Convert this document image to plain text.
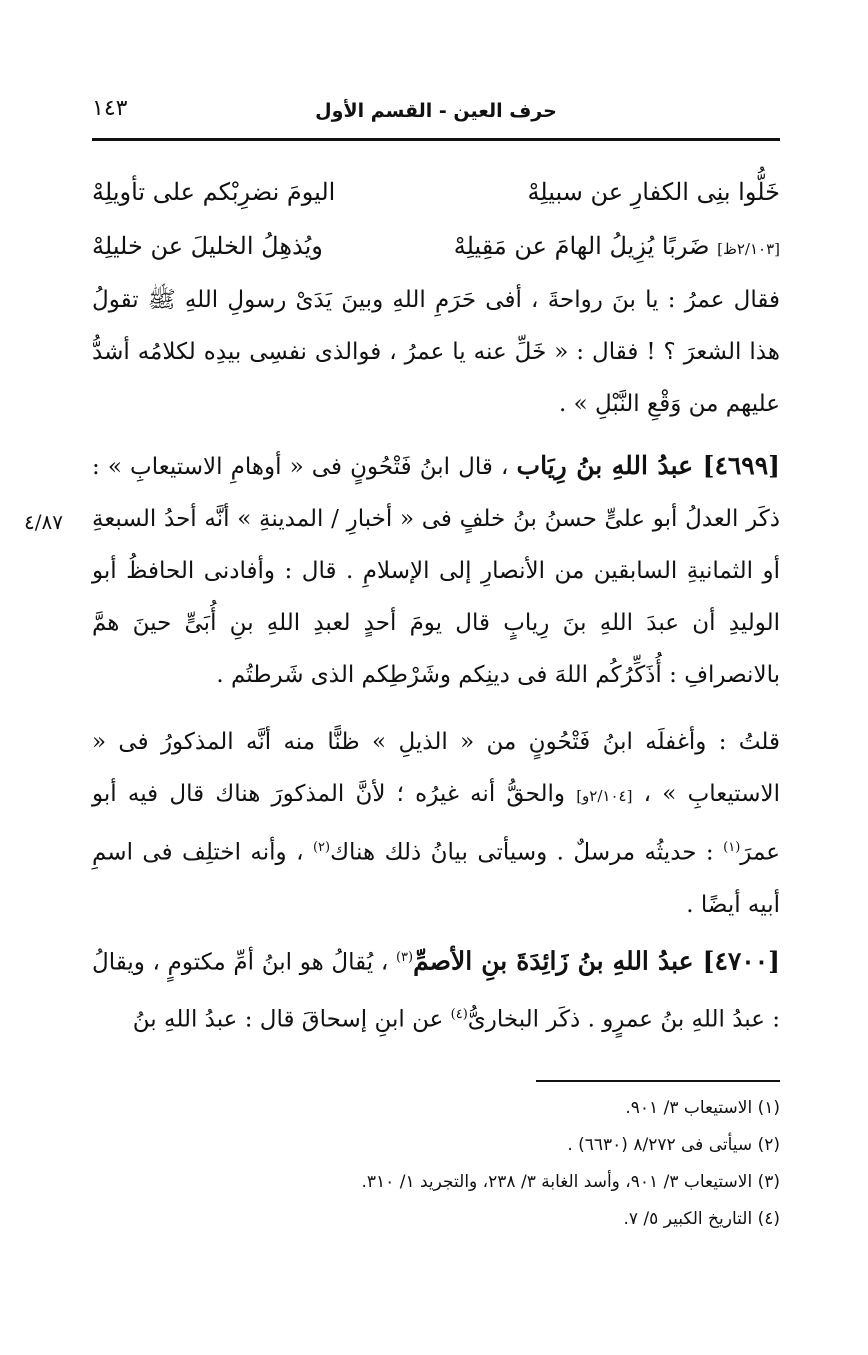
حرف العين - القسم الأول
١٤٣
خَلُّوا بنِى الكفارِ عن سبيلِهْ
اليومَ نضرِبْكم على تأويلِهْ
[٢/١٠٣ظ] ضَربًا يُزِيلُ الهامَ عن مَقِيلِهْ
ويُذهِلُ الخليلَ عن خليلِهْ
فقال عمرُ : يا بنَ رواحةَ ، أفى حَرَمِ اللهِ وبينَ يَدَىْ رسولِ اللهِ ﷺ تقولُ هذا الشعرَ ؟ ! فقال : « خَلِّ عنه يا عمرُ ، فوالذى نفسِى بيدِه لكلامُه أشدُّ عليهم من وَقْعِ النَّبْلِ » .
[٤٦٩٩] عبدُ اللهِ بنُ رِيَاب ، قال ابنُ فَتْحُونٍ فى « أوهامِ الاستيعابِ » : ذكَر العدلُ أبو علىٍّ حسنُ بنُ خلفٍ فى « أخبارِ / المدينةِ » أنَّه أحدُ السبعةِ أو الثمانيةِ السابقين من الأنصارِ إلى الإسلامِ . قال : وأفادنى الحافظُ أبو الوليدِ أن عبدَ اللهِ بنَ رِيابٍ قال يومَ أحدٍ لعبدِ اللهِ بنِ أُبَىٍّ حينَ همَّ بالانصرافِ : أُذَكِّرُكُم اللهَ فى دينِكم وشَرْطِكم الذى شَرطتُم .
٤/٨٧
قلتُ : وأغفلَه ابنُ فَتْحُونٍ من « الذيلِ » ظنًّا منه أنَّه المذكورُ فى « الاستيعابِ » ، [٢/١٠٤و] والحقُّ أنه غيرُه ؛ لأنَّ المذكورَ هناك قال فيه أبو عمرَ$^{(١)}$ : حديثُه مرسلٌ . وسيأتى بيانُ ذلك هناك$^{(٢)}$ ، وأنه اختلِف فى اسمِ أبيه أيضًا .
[٤٧٠٠] عبدُ اللهِ بنُ زَائِدَةَ بنِ الأصمِّ$^{(٣)}$ ، يُقالُ هو ابنُ أمِّ مكتومٍ ، ويقالُ : عبدُ اللهِ بنُ عمرٍو . ذكَر البخارىُّ$^{(٤)}$ عن ابنِ إسحاقَ قال : عبدُ اللهِ بنُ
(١) الاستيعاب ٣/ ٩٠١.
(٢) سيأتى فى ٨/٢٧٢ (٦٦٣٠) .
(٣) الاستيعاب ٣/ ٩٠١، وأسد الغابة ٣/ ٢٣٨، والتجريد ١/ ٣١٠.
(٤) التاريخ الكبير ٥/ ٧.
